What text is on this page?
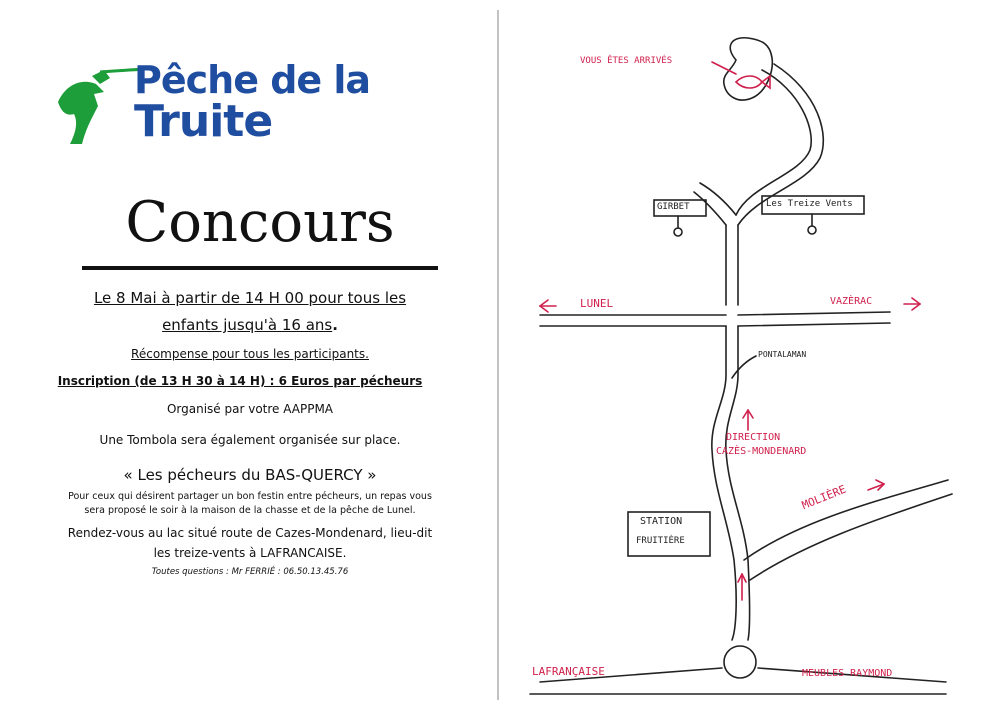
Pêche de la
Truite
Concours
Le 8 Mai à partir de 14 H 00 pour tous les
enfants jusqu'à 16 ans.
Récompense pour tous les participants.
Inscription (de 13 H 30 à 14 H) : 6 Euros par pécheurs
Organisé par votre AAPPMA
Une Tombola sera également organisée sur place.
« Les pécheurs du BAS-QUERCY »
Pour ceux qui désirent partager un bon festin entre pécheurs, un repas vous
sera proposé le soir à la maison de la chasse et de la pêche de Lunel.
Rendez-vous au lac situé route de Cazes-Mondenard, lieu-dit
les treize-vents à LAFRANCAISE.
Toutes questions : Mr FERRIÉ : 06.50.13.45.76
VOUS ÊTES ARRIVÉS
GIRBET	Les Treize Vents
LUNEL	VAZÈRAC
PONTALAMAN
DIRECTION
CAZÈS-MONDENARD
MOLIÈRE
STATION
FRUITIÈRE
LAFRANÇAISE	MEUBLES RAYMOND
